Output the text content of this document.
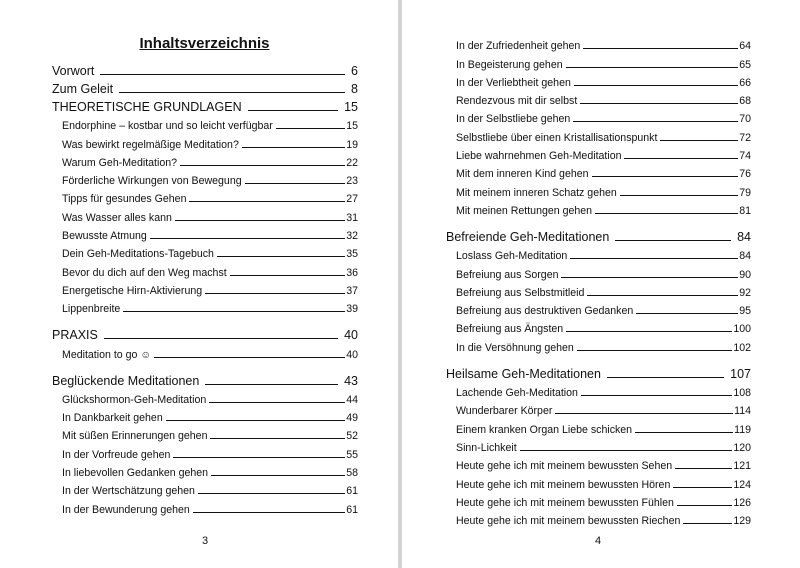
Inhaltsverzeichnis
Vorwort	6
Zum Geleit	8
THEORETISCHE GRUNDLAGEN	15
Endorphine – kostbar und so leicht verfügbar	15
Was bewirkt regelmäßige Meditation?	19
Warum Geh-Meditation?	22
Förderliche Wirkungen von Bewegung	23
Tipps für gesundes Gehen	27
Was Wasser alles kann	31
Bewusste Atmung	32
Dein Geh-Meditations-Tagebuch	35
Bevor du dich auf den Weg machst	36
Energetische Hirn-Aktivierung	37
Lippenbreite	39
PRAXIS	40
Meditation to go ☺	40
Beglückende Meditationen	43
Glückshormon-Geh-Meditation	44
In Dankbarkeit gehen	49
Mit süßen Erinnerungen gehen	52
In der Vorfreude gehen	55
In liebevollen Gedanken gehen	58
In der Wertschätzung gehen	61
In der Bewunderung gehen	61
3
In der Zufriedenheit gehen	64
In Begeisterung gehen	65
In der Verliebtheit gehen	66
Rendezvous mit dir selbst	68
In der Selbstliebe gehen	70
Selbstliebe über einen Kristallisationspunkt	72
Liebe wahrnehmen Geh-Meditation	74
Mit dem inneren Kind gehen	76
Mit meinem inneren Schatz gehen	79
Mit meinen Rettungen gehen	81
Befreiende Geh-Meditationen	84
Loslass Geh-Meditation	84
Befreiung aus Sorgen	90
Befreiung aus Selbstmitleid	92
Befreiung aus destruktiven Gedanken	95
Befreiung aus Ängsten	100
In die Versöhnung gehen	102
Heilsame Geh-Meditationen	107
Lachende Geh-Meditation	108
Wunderbarer Körper	114
Einem kranken Organ Liebe schicken	119
Sinn-Lichkeit	120
Heute gehe ich mit meinem bewussten Sehen	121
Heute gehe ich mit meinem bewussten Hören	124
Heute gehe ich mit meinem bewussten Fühlen	126
Heute gehe ich mit meinem bewussten Riechen	129
4
